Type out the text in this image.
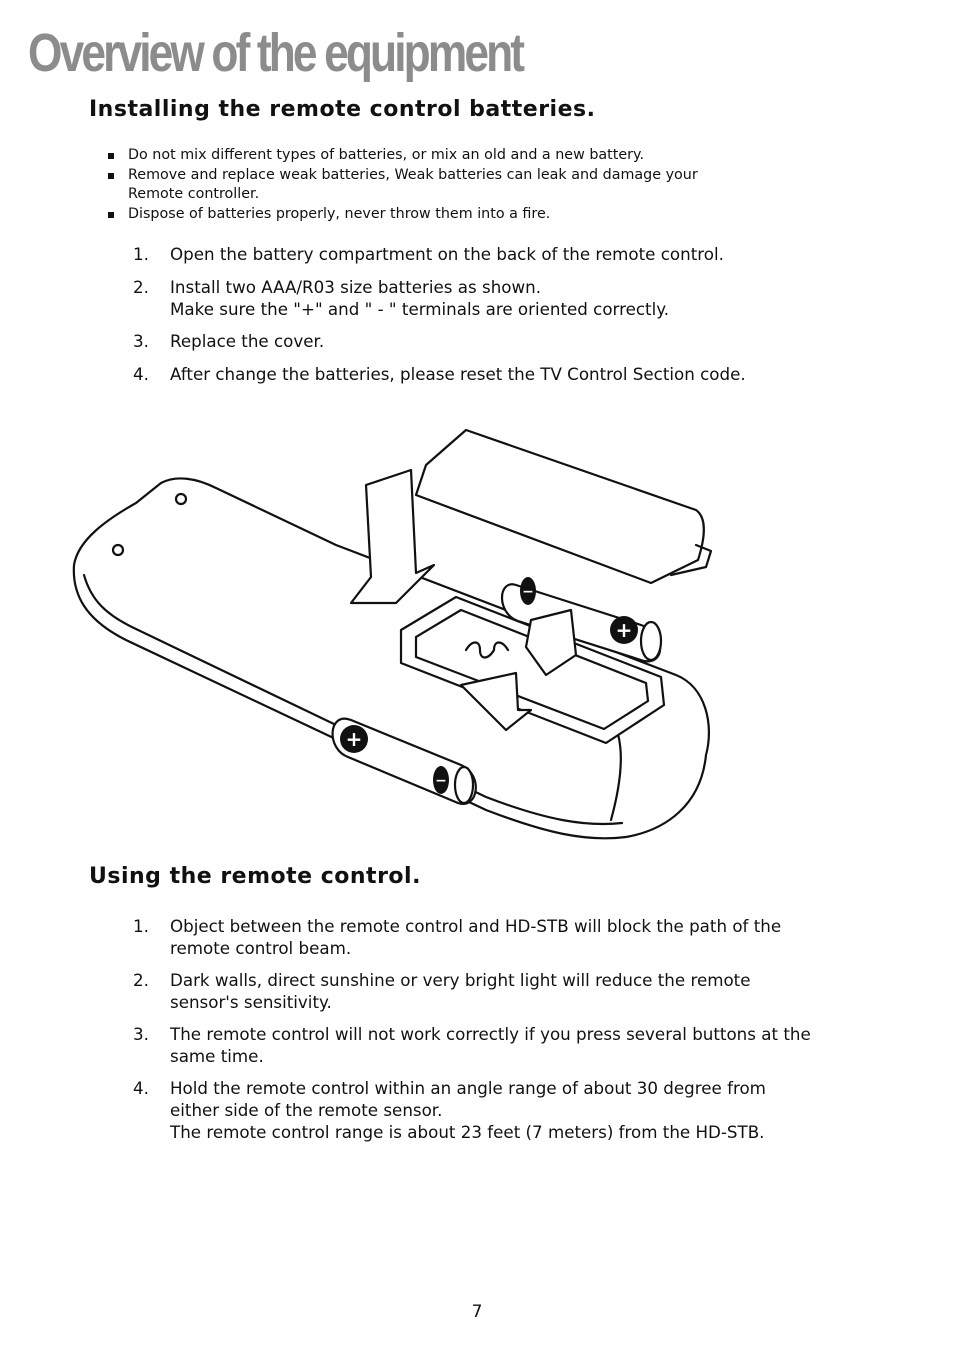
Overview of the equipment
Installing the remote control batteries.
Do not mix different types of batteries, or mix an old and a new battery.
Remove and replace weak batteries, Weak batteries can leak and damage your
Remote controller.
Dispose of batteries properly, never throw them into a fire.
1. Open the battery compartment on the back of the remote control.
2. Install two AAA/R03 size batteries as shown.
Make sure the "+" and " - " terminals are oriented correctly.
3. Replace the cover.
4. After change the batteries, please reset the TV Control Section code.
+
+
−
−
Using the remote control.
1. Object between the remote control and HD-STB will block the path of the
remote control beam.
2. Dark walls, direct sunshine or very bright light will reduce the remote
sensor's sensitivity.
3. The remote control will not work correctly if you press several buttons at the
same time.
4. Hold the remote control within an angle range of about 30 degree from
either side of the remote sensor.
The remote control range is about 23 feet (7 meters) from the HD-STB.
7
